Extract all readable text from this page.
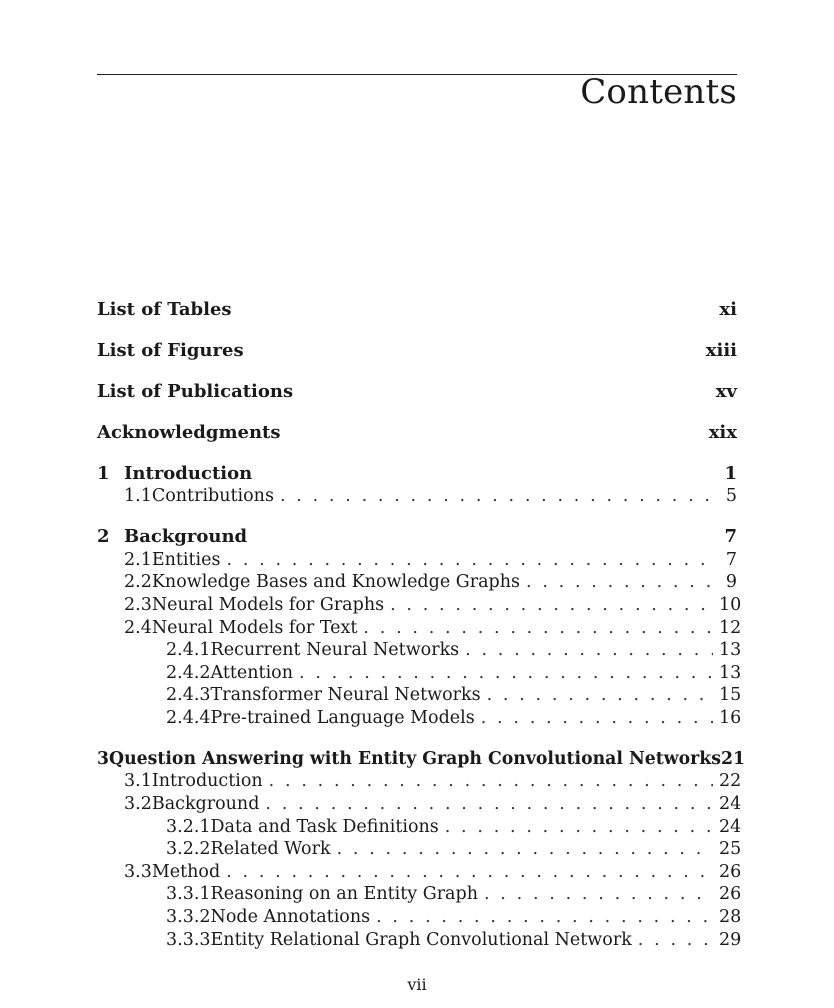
Contents
List of Tables	xi
List of Figures	xiii
List of Publications	xv
Acknowledgments	xix
1 Introduction	1
1.1 Contributions . . .	5
2 Background	7
2.1 Entities . . .	7
2.2 Knowledge Bases and Knowledge Graphs . . .	9
2.3 Neural Models for Graphs . . .	10
2.4 Neural Models for Text . . .	12
2.4.1 Recurrent Neural Networks . . .	13
2.4.2 Attention . . .	13
2.4.3 Transformer Neural Networks . . .	15
2.4.4 Pre-trained Language Models . . .	16
3 Question Answering with Entity Graph Convolutional Networks 21
3.1 Introduction . . .	22
3.2 Background . . .	24
3.2.1 Data and Task Definitions . . .	24
3.2.2 Related Work . . .	25
3.3 Method . . .	26
3.3.1 Reasoning on an Entity Graph . . .	26
3.3.2 Node Annotations . . .	28
3.3.3 Entity Relational Graph Convolutional Network . . .	29
vii
